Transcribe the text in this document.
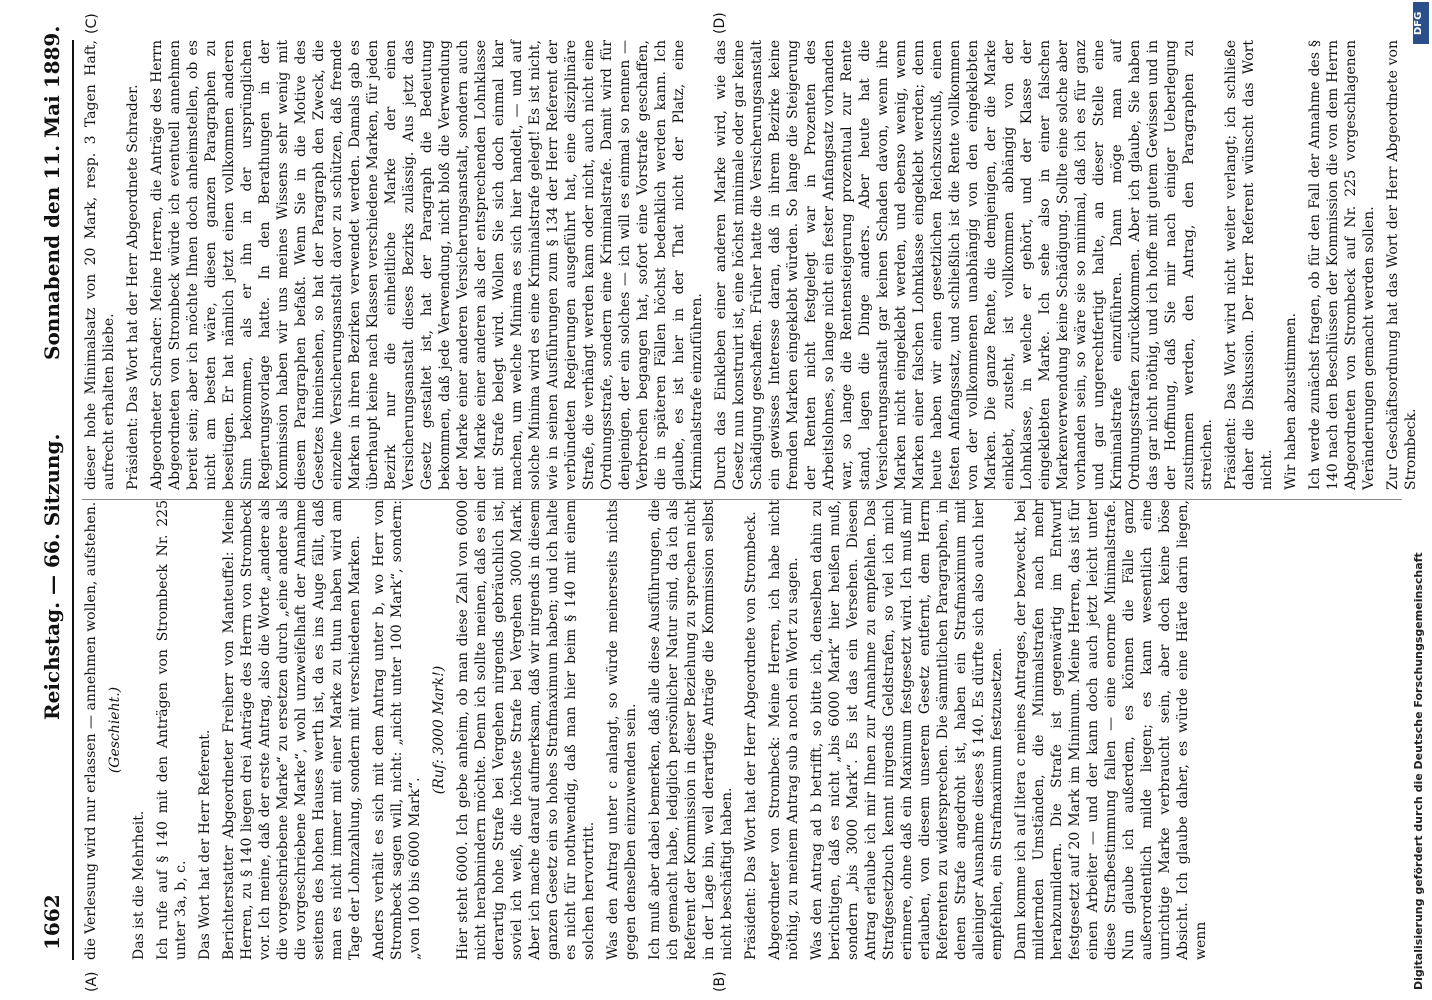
1662
Reichstag. — 66. Sitzung.
Sonnabend den 11. Mai 1889.
(A)	(B)
(C)	(D)

die Verlesung wird nur erlassen — annehmen wollen, aufstehen. (Geschieht.)

Das ist die Mehrheit. Ich rufe auf § 140 mit den Anträgen von Strombeck Nr. 225 unter 3a, b, c. Das Wort hat der Herr Referent. Berichterstatter Abgeordneter Freiherr von Manteuffel: Meine Herren, zu § 140 liegen drei Anträge des Herrn von Strombeck vor. Ich meine, daß der erste Antrag, also die Worte „andere als die vorgeschriebene Marke“ zu ersetzen durch „eine andere als die vorgeschriebene Marke“, wohl unzweifelhaft der Annahme seitens des hohen Hauses werth ist, da es ins Auge fällt, daß man es nicht immer mit einer Marke zu thun haben wird am Tage der Lohnzahlung, sondern mit verschiedenen Marken. Anders verhält es sich mit dem Antrag unter b, wo Herr von Strombeck sagen will, nicht: „nicht unter 100 Mark“, sondern: „von 100 bis 6000 Mark“.

(Ruf: 3000 Mark!) Hier steht 6000. Ich gebe anheim, ob man diese Zahl von 6000 nicht herabmindern möchte. Denn ich sollte meinen, daß es ein derartig hohe Strafe bei Vergehen nirgends gebräuchlich ist, soviel ich weiß, die höchste Strafe bei Vergehen 3000 Mark. Aber ich mache darauf aufmerksam, daß wir nirgends in diesem ganzen Gesetz ein so hohes Strafmaximum haben; und ich halte es nicht für nothwendig, daß man hier beim § 140 mit einem solchen hervortritt. Was den Antrag unter c anlangt, so würde meinerseits nichts gegen denselben einzuwenden sein. Ich muß aber dabei bemerken, daß alle diese Ausführungen, die ich gemacht habe, lediglich persönlicher Natur sind, da ich als Referent der Kommission in dieser Beziehung zu sprechen nicht in der Lage bin, weil derartige Anträge die Kommission selbst nicht beschäftigt haben. Präsident: Das Wort hat der Herr Abgeordnete von Strombeck. Abgeordneter von Strombeck: Meine Herren, ich habe nicht nöthig, zu meinem Antrag sub a noch ein Wort zu sagen. Was den Antrag ad b betrifft, so bitte ich, denselben dahin zu berichtigen, daß es nicht „bis 6000 Mark“ hier heißen muß, sondern „bis 3000 Mark“. Es ist das ein Versehen. Diesen Antrag erlaube ich mir Ihnen zur Annahme zu empfehlen. Das Strafgesetzbuch kennt nirgends Geldstrafen, so viel ich mich erinnere, ohne daß ein Maximum festgesetzt wird. Ich muß mir erlauben, von diesem unserem Gesetz entfernt, dem Herrn Referenten zu widersprechen. Die sämmtlichen Paragraphen, in denen Strafe angedroht ist, haben ein Strafmaximum mit alleiniger Ausnahme dieses § 140. Es dürfte sich also auch hier empfehlen, ein Strafmaximum festzusetzen. Dann komme ich auf litera c meines Antrages, der bezweckt, bei mildernden Umständen, die Minimalstrafen nach mehr herabzumildern. Die Strafe ist gegenwärtig im Entwurf festgesetzt auf 20 Mark im Minimum. Meine Herren, das ist für einen Arbeiter — und der kann doch auch jetzt leicht unter diese Strafbestimmung fallen — eine enorme Minimalstrafe. Nun glaube ich außerdem, es können die Fälle ganz außerordentlich milde liegen; es kann wesentlich eine unrichtige Marke verbraucht sein, aber doch keine böse Absicht. Ich glaube daher, es würde eine Härte darin liegen, wenn

dieser hohe Minimalsatz von 20 Mark, resp. 3 Tagen Haft, aufrecht erhalten bliebe. Präsident: Das Wort hat der Herr Abgeordnete Schrader. Abgeordneter Schrader: Meine Herren, die Anträge des Herrn Abgeordneten von Strombeck würde ich eventuell annehmen bereit sein; aber ich möchte Ihnen doch anheimstellen, ob es nicht am besten wäre, diesen ganzen Paragraphen zu beseitigen. Er hat nämlich jetzt einen vollkommen anderen Sinn bekommen, als er ihn in der ursprünglichen Regierungsvorlage hatte. In den Berathungen in der Kommission haben wir uns meines Wissens sehr wenig mit diesem Paragraphen befaßt. Wenn Sie in die Motive des Gesetzes hineinsehen, so hat der Paragraph den Zweck, die einzelne Versicherungsanstalt davor zu schützen, daß fremde Marken in ihren Bezirken verwendet werden. Damals gab es überhaupt keine nach Klassen verschiedene Marken, für jeden Bezirk nur die einheitliche Marke der einen Versicherungsanstalt dieses Bezirks zulässig. Aus jetzt das Gesetz gestaltet ist, hat der Paragraph die Bedeutung bekommen, daß jede Verwendung, nicht bloß die Verwendung der Marke einer anderen Versicherungsanstalt, sondern auch der Marke einer anderen als der entsprechenden Lohnklasse mit Strafe belegt wird. Wollen Sie sich doch einmal klar machen, um welche Minima es sich hier handelt, — und auf solche Minima wird es eine Kriminalstrafe gelegt! Es ist nicht, wie in seinen Ausführungen zum § 134 der Herr Referent der verbündeten Regierungen ausgeführt hat, eine disziplinäre Strafe, die verhängt werden kann oder nicht, auch nicht eine Ordnungsstrafe, sondern eine Kriminalstrafe. Damit wird für denjenigen, der ein solches — ich will es einmal so nennen — Verbrechen begangen hat, sofort eine Vorstrafe geschaffen, die in späteren Fällen höchst bedenklich werden kann. Ich glaube, es ist hier in der That nicht der Platz, eine Kriminalstrafe einzuführen. Durch das Einkleben einer anderen Marke wird, wie das Gesetz nun konstruirt ist, eine höchst minimale oder gar keine Schädigung geschaffen. Früher hatte die Versicherungsanstalt ein gewisses Interesse daran, daß in ihrem Bezirke keine fremden Marken eingeklebt würden. So lange die Steigerung der Renten nicht festgelegt war in Prozenten des Arbeitslohnes, so lange nicht ein fester Anfangsatz vorhanden war, so lange die Rentensteigerung prozentual zur Rente stand, lagen die Dinge anders. Aber heute hat die Versicherungsanstalt gar keinen Schaden davon, wenn ihre Marken nicht eingeklebt werden, und ebenso wenig, wenn Marken einer falschen Lohnklasse eingeklebt werden; denn heute haben wir einen gesetzlichen Reichszuschuß, einen festen Anfangssatz, und schließlich ist die Rente vollkommen von der vollkommenen unabhängig von den eingeklebten Marken. Die ganze Rente, die demjenigen, der die Marke einklebt, zusteht, ist vollkommen abhängig von der Lohnklasse, in welche er gehört, und der Klasse der eingeklebten Marke. Ich sehe also in einer falschen Markenverwendung keine Schädigung. Sollte eine solche aber vorhanden sein, so wäre sie so minimal, daß ich es für ganz und gar ungerechtfertigt halte, an dieser Stelle eine Kriminalstrafe einzuführen. Dann möge man auf Ordnungsstrafen zurückkommen. Aber ich glaube, Sie haben das gar nicht nöthig, und ich hoffe mit gutem Gewissen und in der Hoffnung, daß Sie mir nach einiger Ueberlegung zustimmen werden, den Antrag, den Paragraphen zu streichen. Präsident: Das Wort wird nicht weiter verlangt; ich schließe daher die Diskussion. Der Herr Referent wünscht das Wort nicht. Wir haben abzustimmen. Ich werde zunächst fragen, ob für den Fall der Annahme des § 140 nach den Beschlüssen der Kommission die von dem Herrn Abgeordneten von Strombeck auf Nr. 225 vorgeschlagenen Veränderungen gemacht werden sollen. Zur Geschäftsordnung hat das Wort der Herr Abgeordnete von Strombeck.

DFG
Digitalisierung gefördert durch die Deutsche Forschungsgemeinschaft
